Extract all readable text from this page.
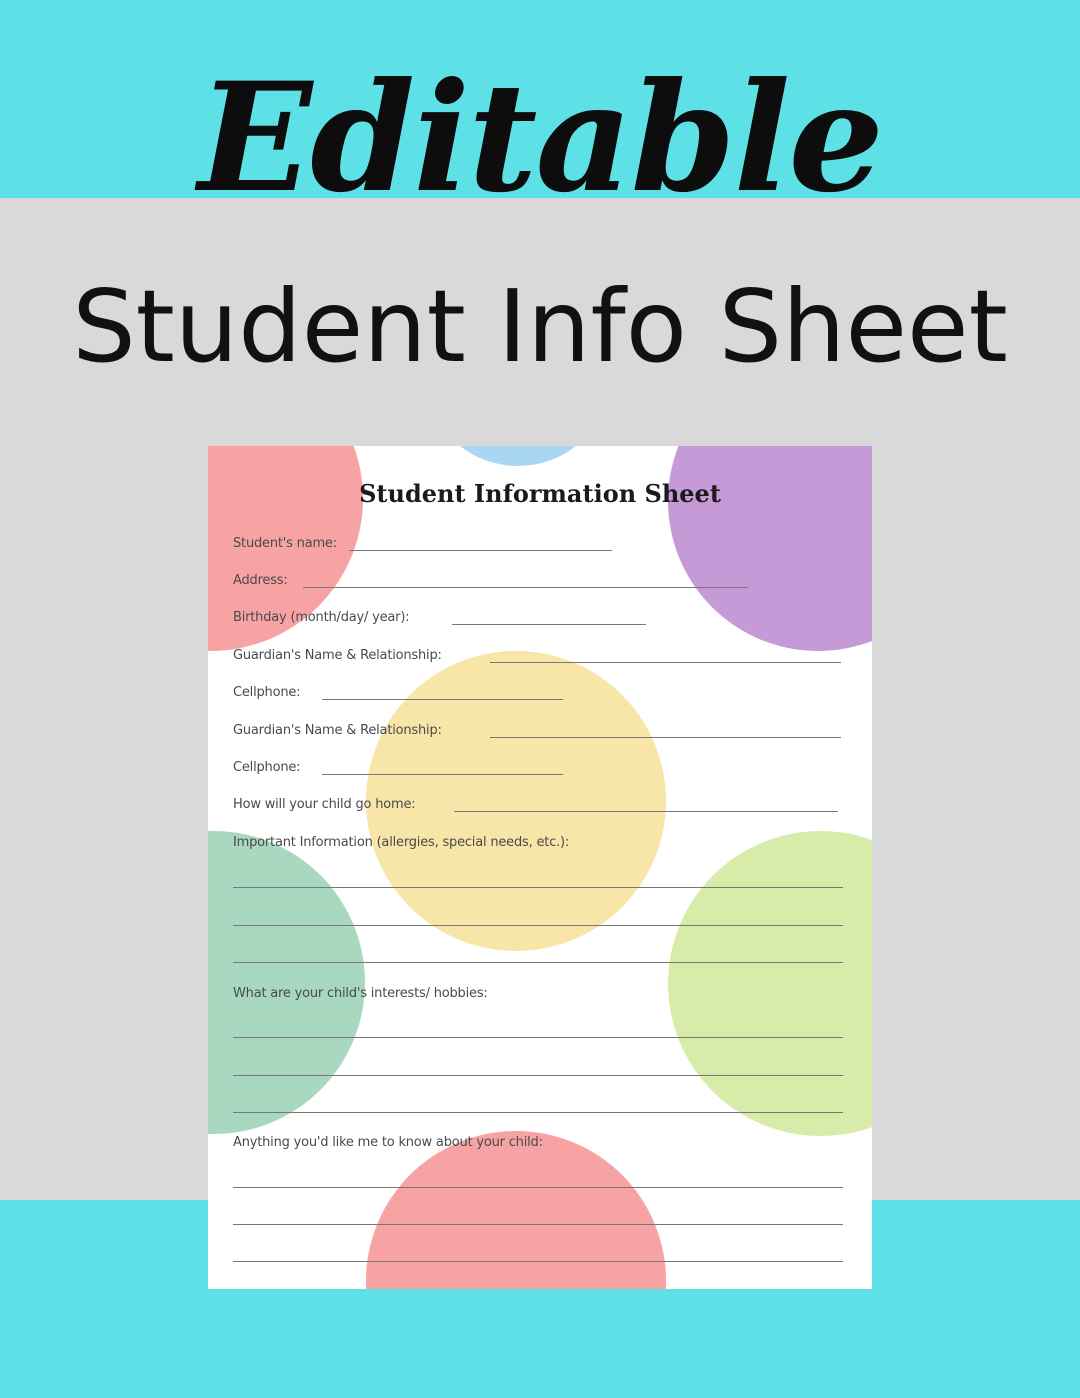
Editable
Student Info Sheet
Student Information Sheet
Student's name:
Address:
Birthday (month/day/ year):
Guardian's Name & Relationship:
Cellphone:
Guardian's Name & Relationship:
Cellphone:
How will your child go home:
Important Information (allergies, special needs, etc.):
What are your child's interests/ hobbies:
Anything you'd like me to know about your child:
